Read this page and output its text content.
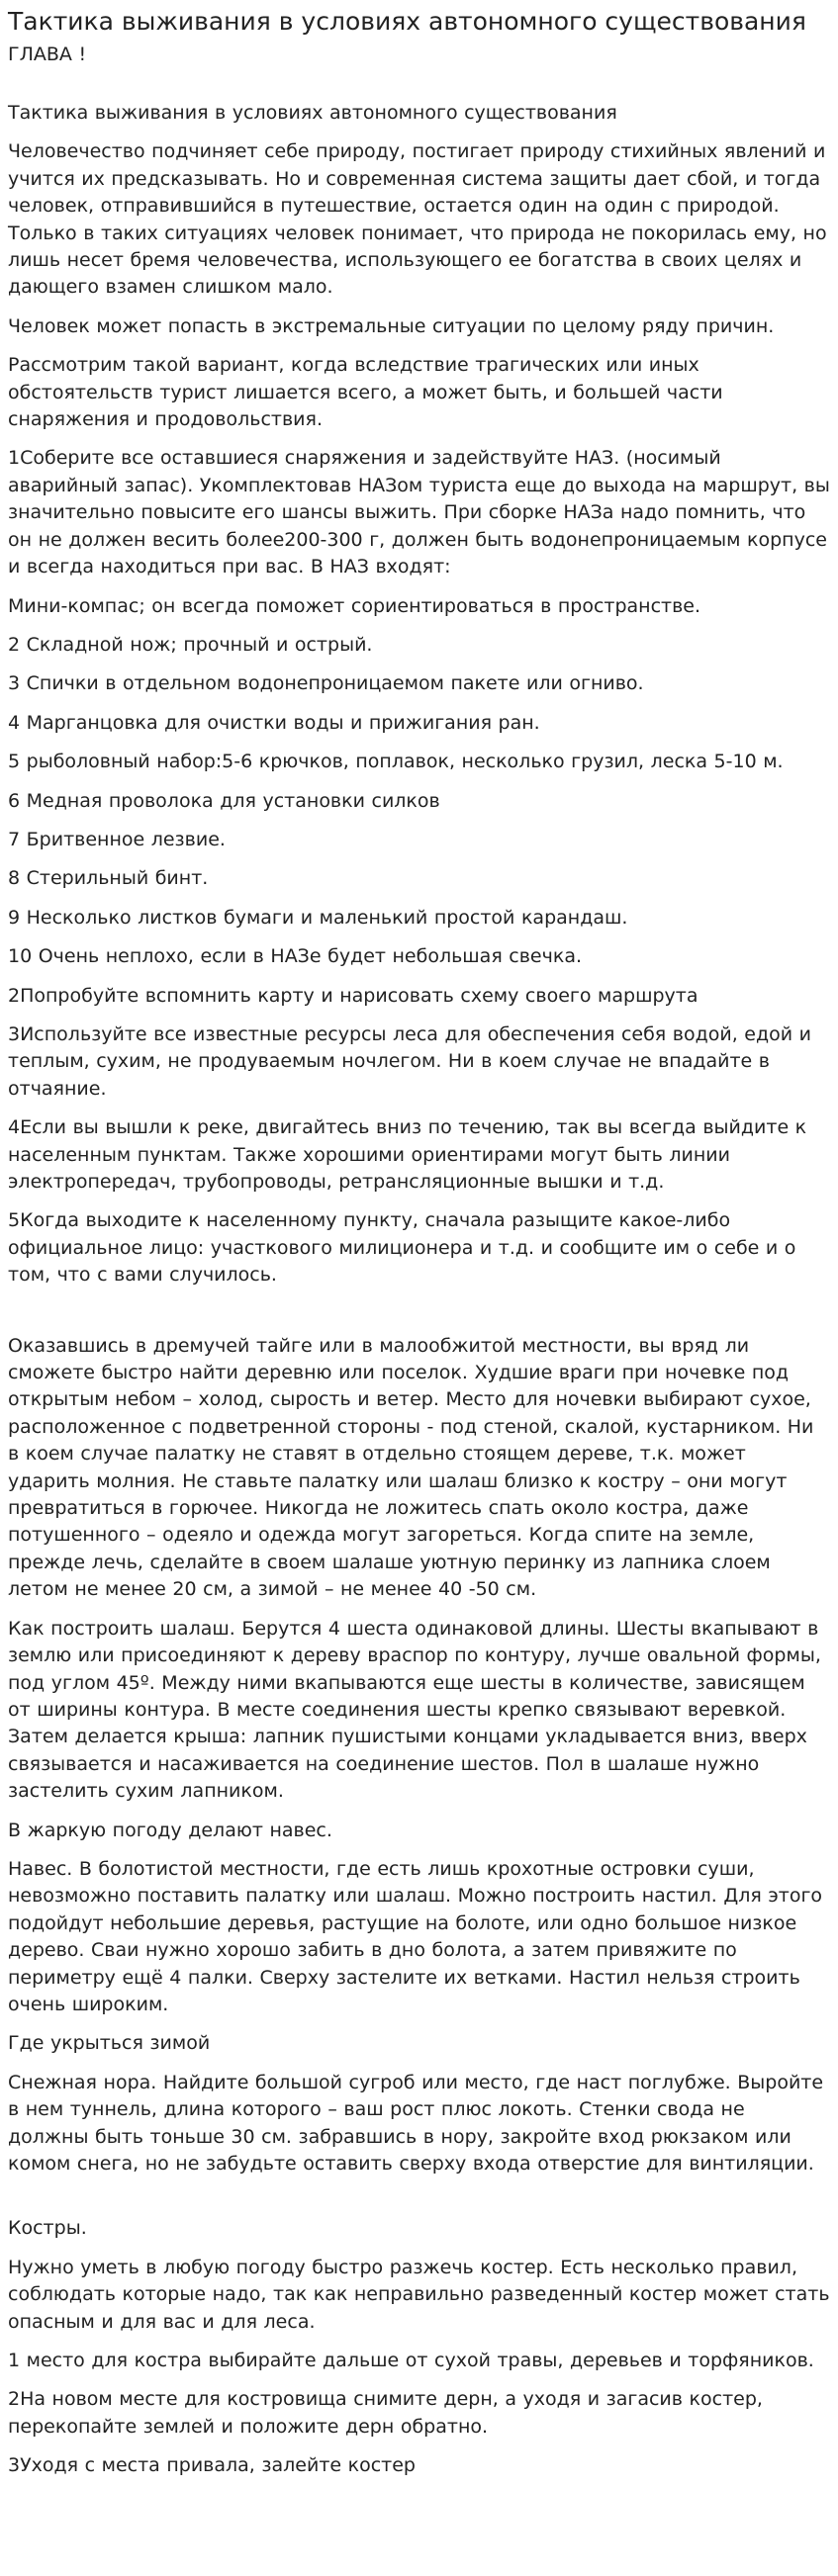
Тактика выживания в условиях автономного существования

ГЛАВА !

Тактика выживания в условиях автономного существования

Человечество подчиняет себе природу, постигает природу стихийных явлений и учится их предсказывать. Но и современная система защиты дает сбой, и тогда человек, отправившийся в путешествие, остается один на один с природой. Только в таких ситуациях человек понимает, что природа не покорилась ему, но лишь несет бремя человечества, использующего ее богатства в своих целях и дающего взамен слишком мало.

Человек может попасть в экстремальные ситуации по целому ряду причин.

Рассмотрим такой вариант, когда вследствие трагических или иных обстоятельств турист лишается всего, а может быть, и большей части снаряжения и продовольствия.

1Соберите все оставшиеся снаряжения и задействуйте НАЗ. (носимый аварийный запас). Укомплектовав НАЗом туриста еще до выхода на маршрут, вы значительно повысите его шансы выжить. При сборке НАЗа надо помнить, что он не должен весить более200-300 г, должен быть водонепроницаемым корпусе и всегда находиться при вас. В НАЗ входят:

Мини-компас; он всегда поможет сориентироваться в пространстве.

2 Складной нож; прочный и острый.

3 Спички в отдельном водонепроницаемом пакете или огниво.

4 Марганцовка для очистки воды и прижигания ран.

5 рыболовный набор:5-6 крючков, поплавок, несколько грузил, леска 5-10 м.

6 Медная проволока для установки силков

7 Бритвенное лезвие.

8 Стерильный бинт.

9 Несколько листков бумаги и маленький простой карандаш.

10 Очень неплохо, если в НАЗе будет небольшая свечка.

2Попробуйте вспомнить карту и нарисовать схему своего маршрута

3Используйте все известные ресурсы леса для обеспечения себя водой, едой и теплым, сухим, не продуваемым ночлегом. Ни в коем случае не впадайте в отчаяние.

4Если вы вышли к реке, двигайтесь вниз по течению, так вы всегда выйдите к населенным пунктам. Также хорошими ориентирами могут быть линии электропередач, трубопроводы, ретрансляционные вышки и т.д.

5Когда выходите к населенному пункту, сначала разыщите какое-либо официальное лицо: участкового милиционера и т.д. и сообщите им о себе и о том, что с вами случилось.

Оказавшись в дремучей тайге или в малообжитой местности, вы вряд ли сможете быстро найти деревню или поселок. Худшие враги при ночевке под открытым небом – холод, сырость и ветер. Место для ночевки выбирают сухое, расположенное с подветренной стороны - под стеной, скалой, кустарником. Ни в коем случае палатку не ставят в отдельно стоящем дереве, т.к. может ударить молния. Не ставьте палатку или шалаш близко к костру – они могут превратиться в горючее. Никогда не ложитесь спать около костра, даже потушенного – одеяло и одежда могут загореться. Когда спите на земле, прежде лечь, сделайте в своем шалаше уютную перинку из лапника слоем летом не менее 20 см, а зимой – не менее 40 -50 см.

Как построить шалаш. Берутся 4 шеста одинаковой длины. Шесты вкапывают в землю или присоединяют к дереву враспор по контуру, лучше овальной формы, под углом 45º. Между ними вкапываются еще шесты в количестве, зависящем от ширины контура. В месте соединения шесты крепко связывают веревкой. Затем делается крыша: лапник пушистыми концами укладывается вниз, вверх связывается и насаживается на соединение шестов. Пол в шалаше нужно застелить сухим лапником.

В жаркую погоду делают навес.

Навес. В болотистой местности, где есть лишь крохотные островки суши, невозможно поставить палатку или шалаш. Можно построить настил. Для этого подойдут небольшие деревья, растущие на болоте, или одно большое низкое дерево. Сваи нужно хорошо забить в дно болота, а затем привяжите по периметру ещё 4 палки. Сверху застелите их ветками. Настил нельзя строить очень широким.

Где укрыться зимой

Снежная нора. Найдите большой сугроб или место, где наст поглубже. Выройте в нем туннель, длина которого – ваш рост плюс локоть. Стенки свода не должны быть тоньше 30 см. забравшись в нору, закройте вход рюкзаком или комом снега, но не забудьте оставить сверху входа отверстие для винтиляции.

Костры.

Нужно уметь в любую погоду быстро разжечь костер. Есть несколько правил, соблюдать которые надо, так как неправильно разведенный костер может стать опасным и для вас и для леса.

1 место для костра выбирайте дальше от сухой травы, деревьев и торфяников.

2На новом месте для костровища снимите дерн, а уходя и загасив костер, перекопайте землей и положите дерн обратно.

3Уходя с места привала, залейте костер
